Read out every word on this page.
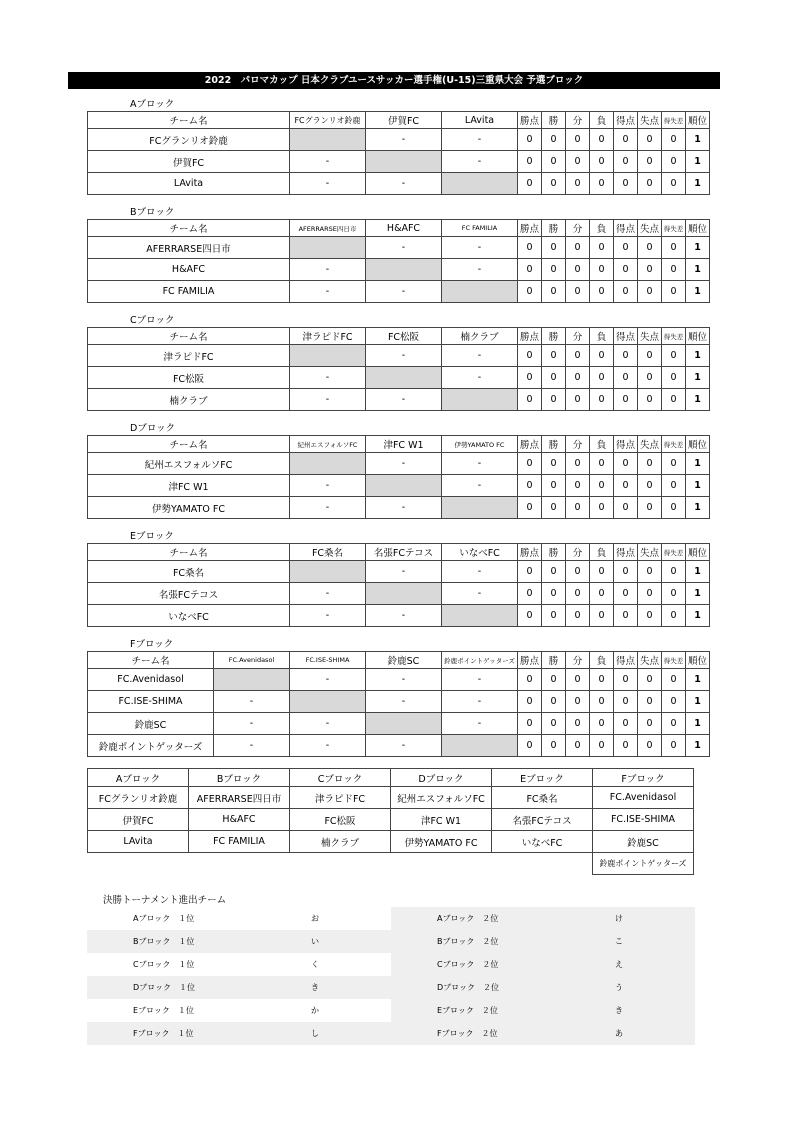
2022　パロマカップ 日本クラブユースサッカー選手権(U-15)三重県大会 予選ブロック
Aブロック
チーム名	FCグランリオ鈴鹿	伊賀FC	LAvita	勝点	勝	分	負	得点	失点	得失差	順位
FCグランリオ鈴鹿		-	-	0	0	0	0	0	0	0	1
伊賀FC	-		-	0	0	0	0	0	0	0	1
LAvita	-	-		0	0	0	0	0	0	0	1
Bブロック
チーム名	AFERRARSE四日市	H&AFC	FC FAMILIA	勝点	勝	分	負	得点	失点	得失差	順位
AFERRARSE四日市		-	-	0	0	0	0	0	0	0	1
H&AFC	-		-	0	0	0	0	0	0	0	1
FC FAMILIA	-	-		0	0	0	0	0	0	0	1
Cブロック
チーム名	津ラピドFC	FC松阪	楠クラブ	勝点	勝	分	負	得点	失点	得失差	順位
津ラピドFC		-	-	0	0	0	0	0	0	0	1
FC松阪	-		-	0	0	0	0	0	0	0	1
楠クラブ	-	-		0	0	0	0	0	0	0	1
Dブロック
チーム名	紀州エスフォルソFC	津FC W1	伊勢YAMATO FC	勝点	勝	分	負	得点	失点	得失差	順位
紀州エスフォルソFC		-	-	0	0	0	0	0	0	0	1
津FC W1	-		-	0	0	0	0	0	0	0	1
伊勢YAMATO FC	-	-		0	0	0	0	0	0	0	1
Eブロック
チーム名	FC桑名	名張FCテコス	いなべFC	勝点	勝	分	負	得点	失点	得失差	順位
FC桑名		-	-	0	0	0	0	0	0	0	1
名張FCテコス	-		-	0	0	0	0	0	0	0	1
いなべFC	-	-		0	0	0	0	0	0	0	1
Fブロック
チーム名	FC.Avenidasol	FC.ISE-SHIMA	鈴鹿SC	鈴鹿ポイントゲッターズ	勝点	勝	分	負	得点	失点	得失差	順位
FC.Avenidasol		-	-	-	0	0	0	0	0	0	0	1
FC.ISE-SHIMA	-		-	-	0	0	0	0	0	0	0	1
鈴鹿SC	-	-		-	0	0	0	0	0	0	0	1
鈴鹿ポイントゲッターズ	-	-	-		0	0	0	0	0	0	0	1
Aブロック	Bブロック	Cブロック	Dブロック	Eブロック	Fブロック
FCグランリオ鈴鹿	AFERRARSE四日市	津ラピドFC	紀州エスフォルソFC	FC桑名	FC.Avenidasol
伊賀FC	H&AFC	FC松阪	津FC W1	名張FCテコス	FC.ISE-SHIMA
LAvita	FC FAMILIA	楠クラブ	伊勢YAMATO FC	いなべFC	鈴鹿SC
					鈴鹿ポイントゲッターズ
決勝トーナメント進出チーム
Aブロック　１位	お	Aブロック　２位	け
Bブロック　１位	い	Bブロック　２位	こ
Cブロック　１位	く	Cブロック　２位	え
Dブロック　１位	き	Dブロック　２位	う
Eブロック　１位	か	Eブロック　２位	き
Fブロック　１位	し	Fブロック　２位	あ
